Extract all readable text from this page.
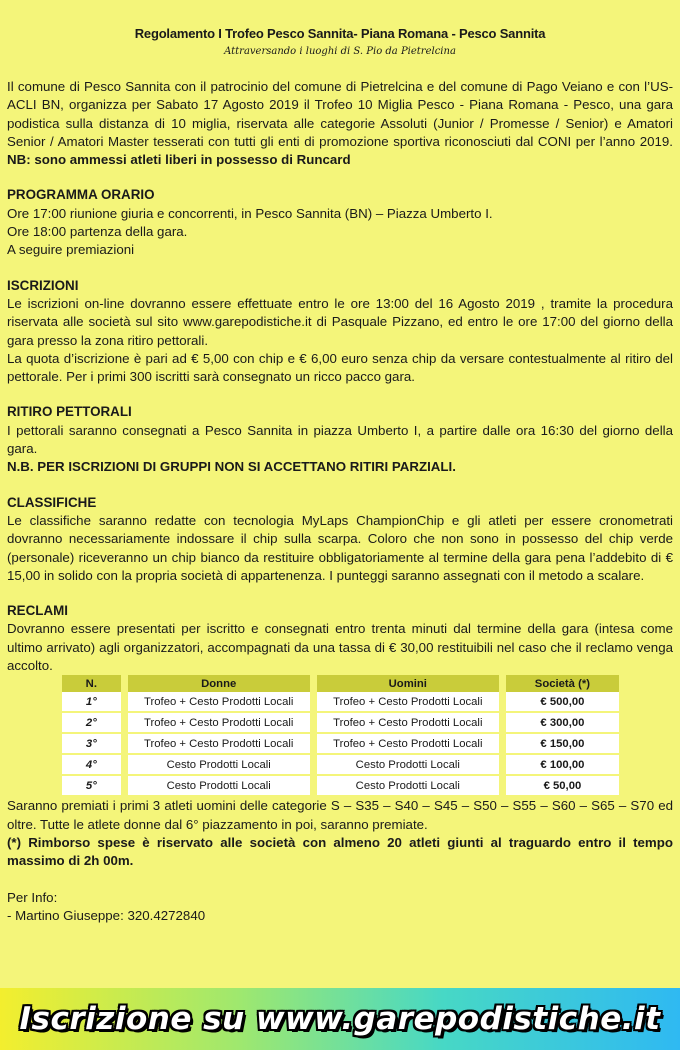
Regolamento I Trofeo Pesco Sannita- Piana Romana - Pesco Sannita
Attraversando i luoghi di S. Pio da Pietrelcina

Il comune di Pesco Sannita con il patrocinio del comune di Pietrelcina e del comune di Pago Veiano e con l’US-ACLI BN, organizza per Sabato 17 Agosto 2019 il Trofeo 10 Miglia Pesco - Piana Romana - Pesco, una gara podistica sulla distanza di 10 miglia, riservata alle categorie Assoluti (Junior / Promesse / Senior) e Amatori Senior / Amatori Master tesserati con tutti gli enti di promozione sportiva riconosciuti dal CONI per l’anno 2019. NB: sono ammessi atleti liberi in possesso di Runcard

PROGRAMMA ORARIO

Ore 17:00 riunione giuria e concorrenti, in Pesco Sannita (BN) – Piazza Umberto I.

Ore 18:00 partenza della gara.

A seguire premiazioni

ISCRIZIONI

Le iscrizioni on-line dovranno essere effettuate entro le ore 13:00 del 16 Agosto 2019 , tramite la procedura riservata alle società sul sito www.garepodistiche.it di Pasquale Pizzano, ed entro le ore 17:00 del giorno della gara presso la zona ritiro pettorali.

La quota d’iscrizione è pari ad € 5,00 con chip e € 6,00 euro senza chip da versare contestualmente al ritiro del pettorale. Per i primi 300 iscritti sarà consegnato un ricco pacco gara.

RITIRO PETTORALI

I pettorali saranno consegnati a Pesco Sannita in piazza Umberto I, a partire dalle ora 16:30 del giorno della gara.

N.B. PER ISCRIZIONI DI GRUPPI NON SI ACCETTANO RITIRI PARZIALI.

CLASSIFICHE

Le classifiche saranno redatte con tecnologia MyLaps ChampionChip e gli atleti per essere cronometrati dovranno necessariamente indossare il chip sulla scarpa. Coloro che non sono in possesso del chip verde (personale) riceveranno un chip bianco da restituire obbligatoriamente al termine della gara pena l’addebito di € 15,00 in solido con la propria società di appartenenza. I punteggi saranno assegnati con il metodo a scalare.

RECLAMI

Dovranno essere presentati per iscritto e consegnati entro trenta minuti dal termine della gara (intesa come ultimo arrivato) agli organizzatori, accompagnati da una tassa di € 30,00 restituibili nel caso che il reclamo venga accolto.

N.	Donne	Uomini	Società (*)
1°	Trofeo + Cesto Prodotti Locali	Trofeo + Cesto Prodotti Locali	€ 500,00
2°	Trofeo + Cesto Prodotti Locali	Trofeo + Cesto Prodotti Locali	€ 300,00
3°	Trofeo + Cesto Prodotti Locali	Trofeo + Cesto Prodotti Locali	€ 150,00
4°	Cesto Prodotti Locali	Cesto Prodotti Locali	€ 100,00
5°	Cesto Prodotti Locali	Cesto Prodotti Locali	€ 50,00

Saranno premiati i primi 3 atleti uomini delle categorie S – S35 – S40 – S45 – S50 – S55 – S60 – S65 – S70 ed oltre. Tutte le atlete donne dal 6° piazzamento in poi, saranno premiate.

(*) Rimborso spese è riservato alle società con almeno 20 atleti giunti al traguardo entro il tempo massimo di 2h 00m.

Per Info:

- Martino Giuseppe: 320.4272840

Iscrizione su www.garepodistiche.it
